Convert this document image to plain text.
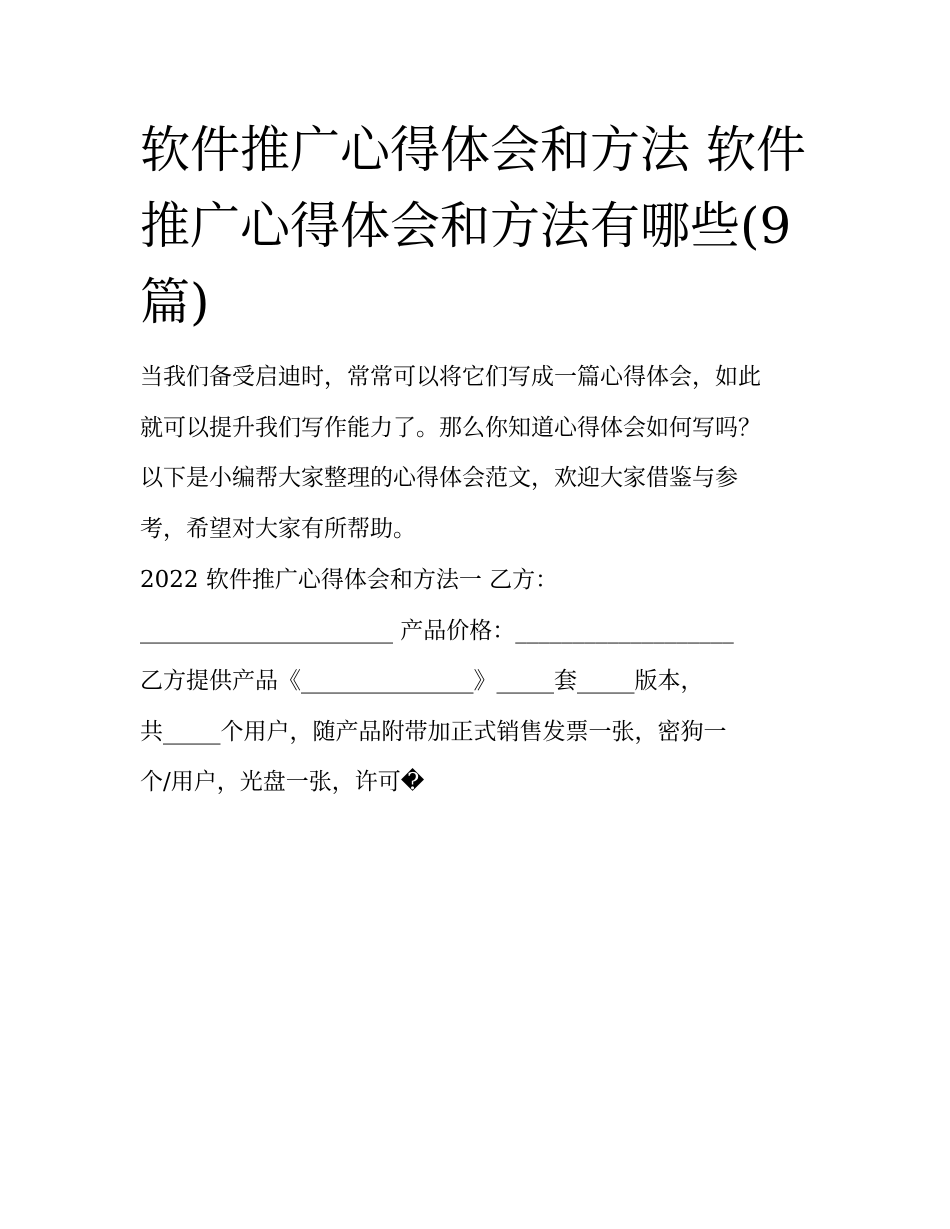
软件推广心得体会和方法 软件
推广心得体会和方法有哪些(9
篇)

当我们备受启迪时，常常可以将它们写成一篇心得体会，如此
就可以提升我们写作能力了。那么你知道心得体会如何写吗？
以下是小编帮大家整理的心得体会范文，欢迎大家借鉴与参
考，希望对大家有所帮助。

2022 软件推广心得体会和方法一 乙方：
______________________ 产品价格：___________________
乙方提供产品《_______________》_____套_____版本，
共_____个用户，随产品附带加正式销售发票一张，密狗一
个/用户，光盘一张，许可�
